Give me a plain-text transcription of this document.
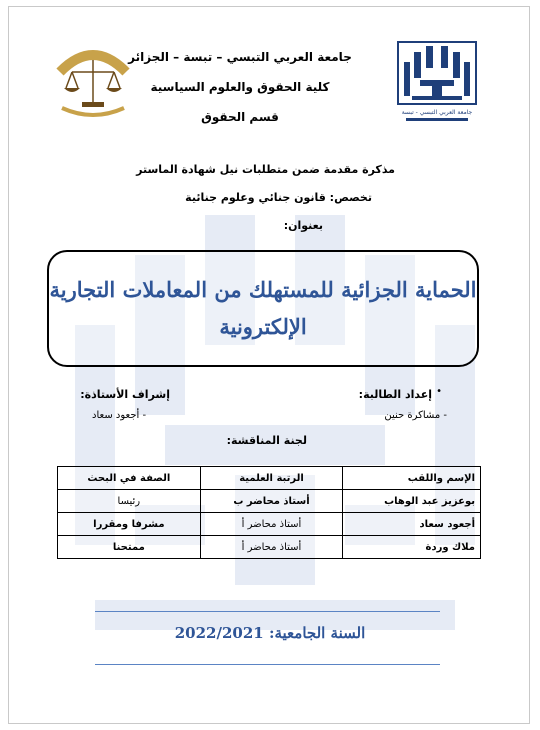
جامعة العربي التبسي - تبسة
جامعة العربي التبسي – تبسة – الجزائر
كلية الحقوق والعلوم السياسية
قسم الحقوق
مذكرة مقدمة ضمن متطلبات نيل شهادة الماستر
تخصص: قانون جنائي وعلوم جنائية
بعنوان:
الحماية الجزائية للمستهلك من المعاملات التجارية
الإلكترونية
•
إعداد الطالبة:
- مشاكرة حنين
إشراف الأستاذة:
- أجعود سعاد
لجنة المناقشة:
الإسم واللقب	الرتبة العلمية	الصفة في البحث
بوعزيز عبد الوهاب	أستاذ محاضر ب	رئيسا
أجعود سعاد	أستاذ محاضر أ	مشرفا ومقررا
ملاك وردة	أستاذ محاضر أ	ممتحنا
السنة الجامعية: 2022/2021
